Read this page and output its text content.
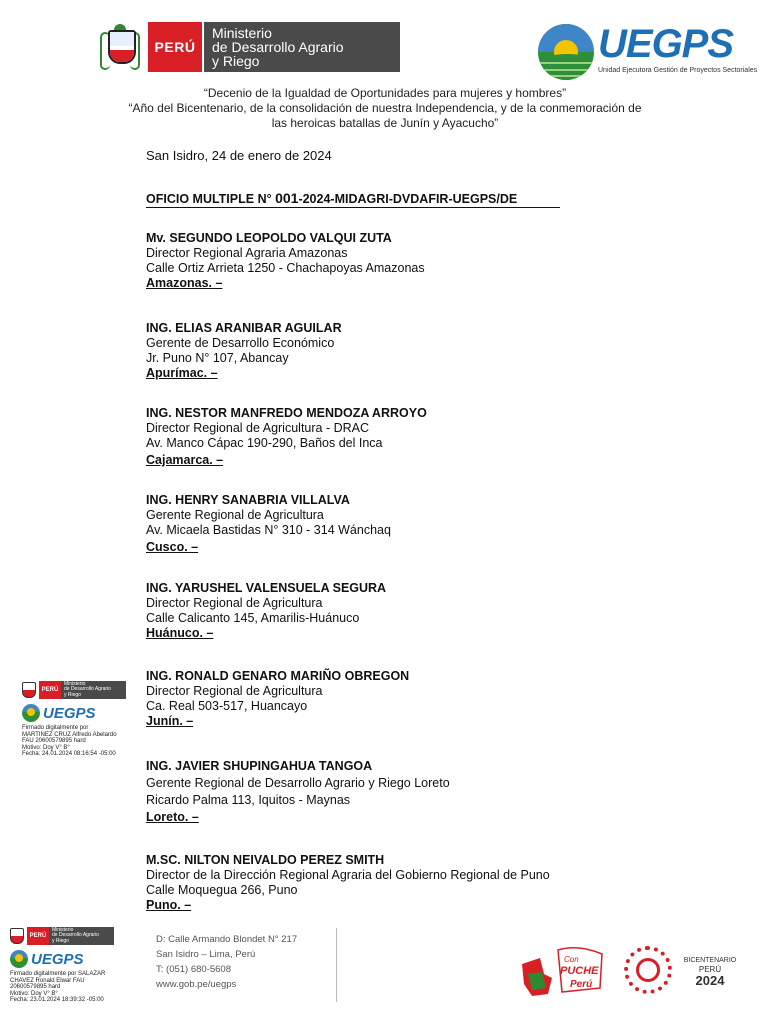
PERÚ
Ministerio
de Desarrollo Agrario
y Riego	UEGPS
Unidad Ejecutora Gestión de Proyectos Sectoriales
“Decenio de la Igualdad de Oportunidades para mujeres y hombres”
“Año del Bicentenario, de la consolidación de nuestra Independencia, y de la conmemoración de
las heroicas batallas de Junín y Ayacucho”
San Isidro, 24 de enero de 2024
OFICIO MULTIPLE N° 001-2024-MIDAGRI-DVDAFIR-UEGPS/DE
Mv. SEGUNDO LEOPOLDO VALQUI ZUTA
Director Regional Agraria Amazonas
Calle Ortiz Arrieta 1250 - Chachapoyas Amazonas
Amazonas. –
ING. ELIAS ARANIBAR AGUILAR
Gerente de Desarrollo Económico
Jr. Puno N° 107, Abancay
Apurímac. –
ING. NESTOR MANFREDO MENDOZA ARROYO
Director Regional de Agricultura - DRAC
Av. Manco Cápac 190-290, Baños del Inca
Cajamarca. –
ING. HENRY SANABRIA VILLALVA
Gerente Regional de Agricultura
Av. Micaela Bastidas N° 310 - 314 Wánchaq
Cusco. –
ING. YARUSHEL VALENSUELA SEGURA
Director Regional de Agricultura
Calle Calicanto 145, Amarilis-Huánuco
Huánuco. –
ING. RONALD GENARO MARIÑO OBREGON
Director Regional de Agricultura
Ca. Real 503-517, Huancayo
Junín. –
ING. JAVIER SHUPINGAHUA TANGOA
Gerente Regional de Desarrollo Agrario y Riego Loreto
Ricardo Palma 113, Iquitos - Maynas
Loreto. –
M.SC. NILTON NEIVALDO PEREZ SMITH
Director de la Dirección Regional Agraria del Gobierno Regional de Puno
Calle Moquegua 266, Puno
Puno. –
PERÚ
Ministerio
de Desarrollo Agrario
y Riego
UEGPS
Firmado digitalmente por
MARTINEZ CRUZ Alfredo Abelardo
FAU 20600579895 hard
Motivo: Doy V° B°
Fecha: 24.01.2024 08:16:54 -05:00
PERÚ
Ministerio
de Desarrollo Agrario
y Riego
UEGPS
Firmado digitalmente por SALAZAR
CHAVEZ Ronald Elwar FAU
20600579895 hard
Motivo: Doy V° B°
Fecha: 23.01.2024 18:39:32 -05:00
D: Calle Armando Blondet N° 217
San Isidro – Lima, Perú
T: (051) 680-5608
www.gob.pe/uegps
Con
PUCHE
Perú
BICENTENARIO
PERÚ
2024
